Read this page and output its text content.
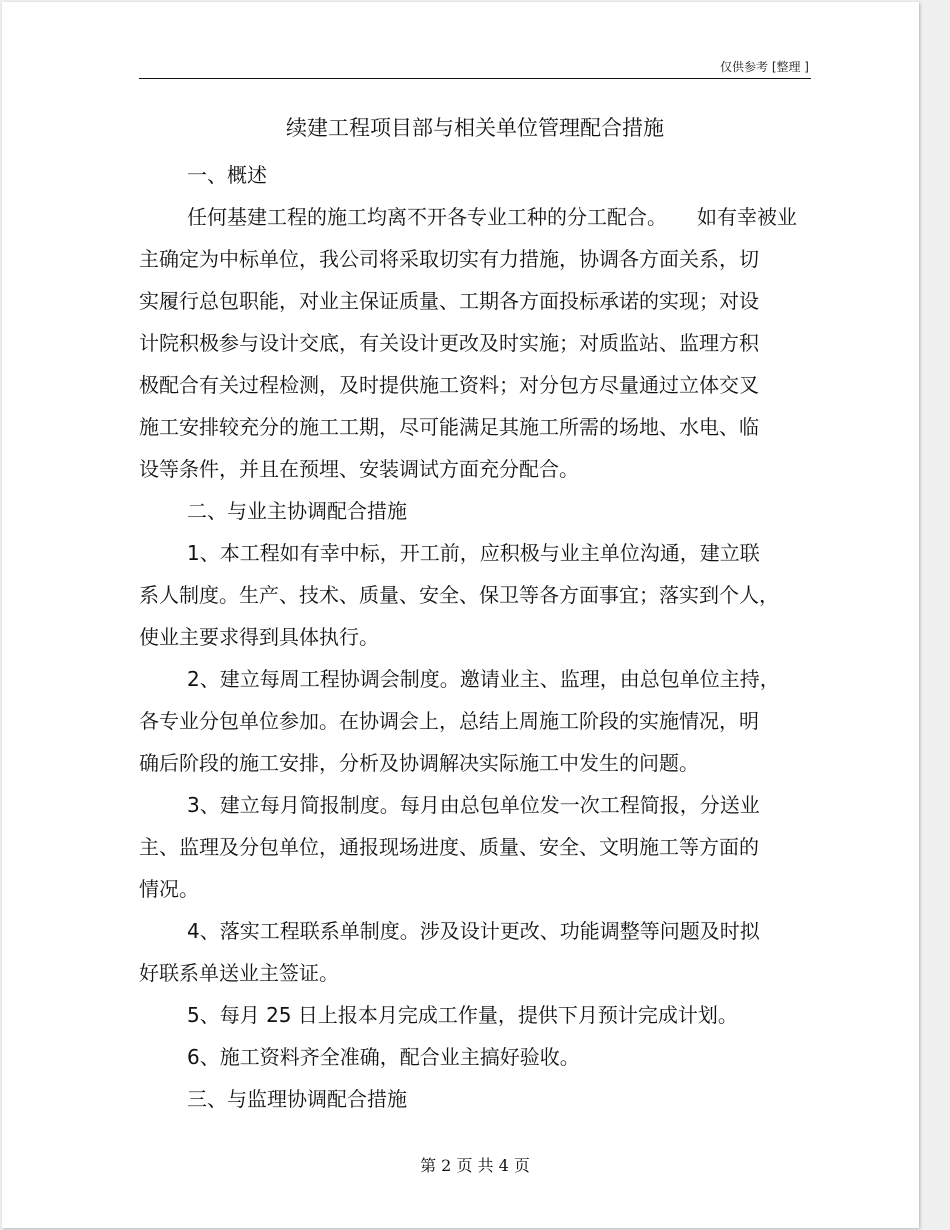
仅供参考 [整理 ]
续建工程项目部与相关单位管理配合措施
一、概述
任何基建工程的施工均离不开各专业工种的分工配合。　　如有幸被业
主确定为中标单位，我公司将采取切实有力措施，协调各方面关系，切
实履行总包职能，对业主保证质量、工期各方面投标承诺的实现；对设
计院积极参与设计交底，有关设计更改及时实施；对质监站、监理方积
极配合有关过程检测，及时提供施工资料；对分包方尽量通过立体交叉
施工安排较充分的施工工期，尽可能满足其施工所需的场地、水电、临
设等条件，并且在预埋、安装调试方面充分配合。
二、与业主协调配合措施
1、本工程如有幸中标，开工前，应积极与业主单位沟通，建立联
系人制度。生产、技术、质量、安全、保卫等各方面事宜；落实到个人，
使业主要求得到具体执行。
2、建立每周工程协调会制度。邀请业主、监理，由总包单位主持，
各专业分包单位参加。在协调会上，总结上周施工阶段的实施情况，明
确后阶段的施工安排，分析及协调解决实际施工中发生的问题。
3、建立每月简报制度。每月由总包单位发一次工程简报，分送业
主、监理及分包单位，通报现场进度、质量、安全、文明施工等方面的
情况。
4、落实工程联系单制度。涉及设计更改、功能调整等问题及时拟
好联系单送业主签证。
5、每月 25 日上报本月完成工作量，提供下月预计完成计划。
6、施工资料齐全准确，配合业主搞好验收。
三、与监理协调配合措施
第 2 页 共 4 页
